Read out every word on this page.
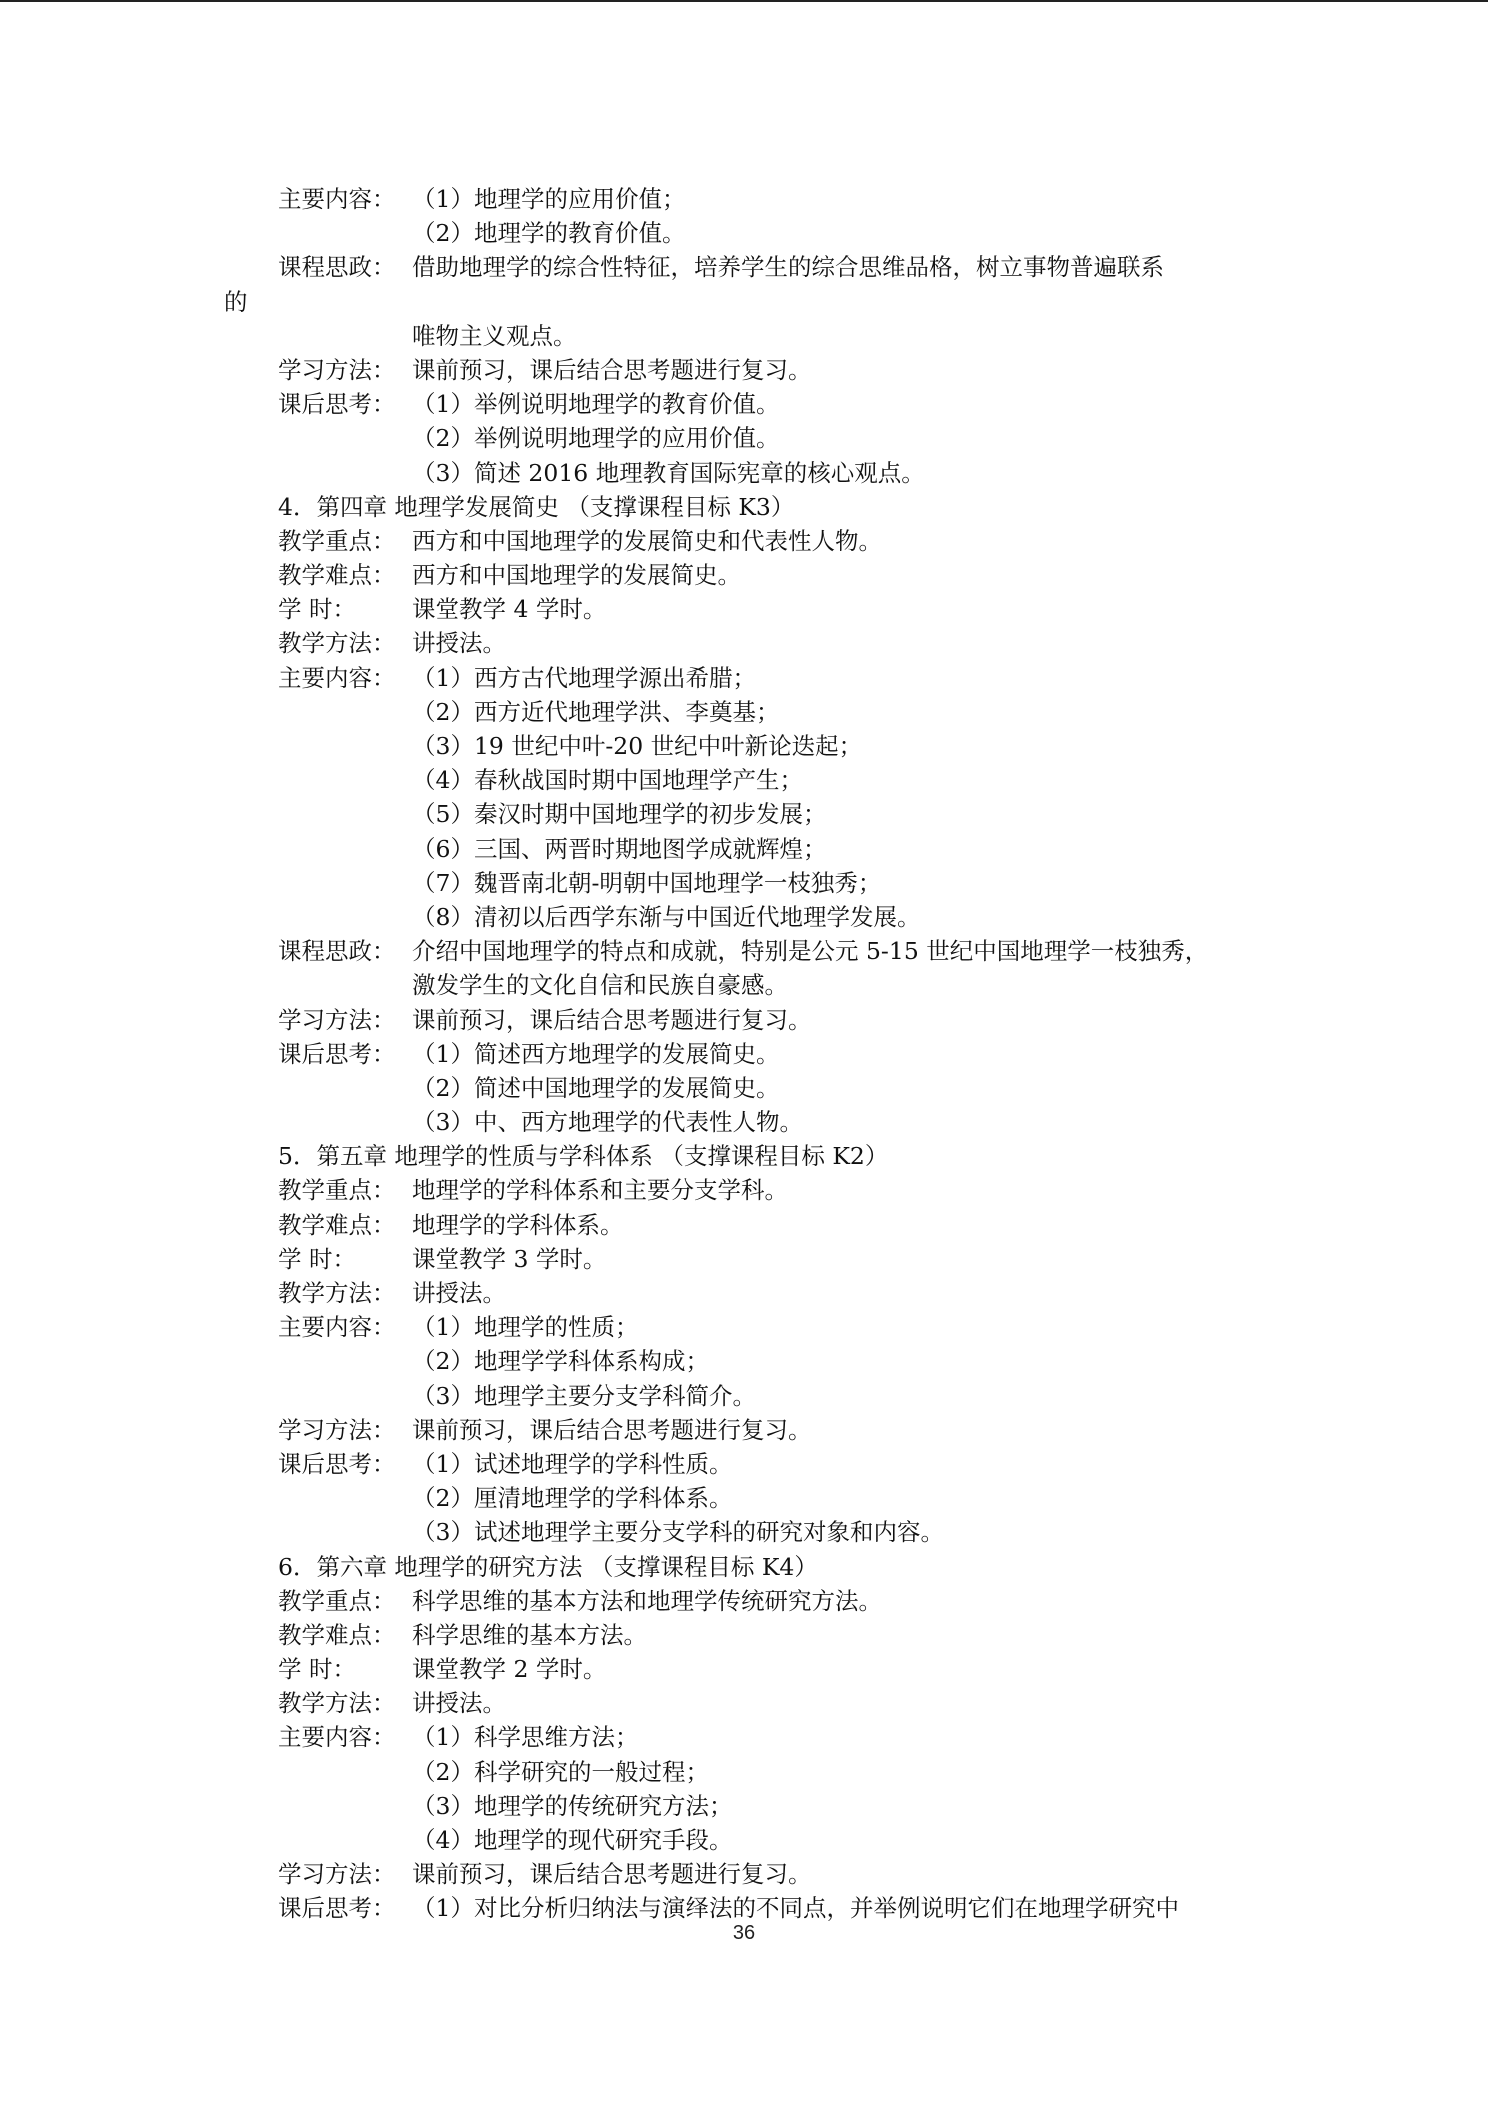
主要内容： （1）地理学的应用价值；
（2）地理学的教育价值。
课程思政： 借助地理学的综合性特征，培养学生的综合思维品格，树立事物普遍联系
的
唯物主义观点。
学习方法： 课前预习，课后结合思考题进行复习。
课后思考： （1）举例说明地理学的教育价值。
（2）举例说明地理学的应用价值。
（3）简述 2016 地理教育国际宪章的核心观点。
4．第四章 地理学发展简史 （支撑课程目标 K3）
教学重点： 西方和中国地理学的发展简史和代表性人物。
教学难点： 西方和中国地理学的发展简史。
学 时： 课堂教学 4 学时。
教学方法： 讲授法。
主要内容： （1）西方古代地理学源出希腊；
（2）西方近代地理学洪、李奠基；
（3）19 世纪中叶-20 世纪中叶新论迭起；
（4）春秋战国时期中国地理学产生；
（5）秦汉时期中国地理学的初步发展；
（6）三国、两晋时期地图学成就辉煌；
（7）魏晋南北朝-明朝中国地理学一枝独秀；
（8）清初以后西学东渐与中国近代地理学发展。
课程思政： 介绍中国地理学的特点和成就，特别是公元 5-15 世纪中国地理学一枝独秀，
激发学生的文化自信和民族自豪感。
学习方法： 课前预习，课后结合思考题进行复习。
课后思考： （1）简述西方地理学的发展简史。
（2）简述中国地理学的发展简史。
（3）中、西方地理学的代表性人物。
5．第五章 地理学的性质与学科体系 （支撑课程目标 K2）
教学重点： 地理学的学科体系和主要分支学科。
教学难点： 地理学的学科体系。
学 时： 课堂教学 3 学时。
教学方法： 讲授法。
主要内容： （1）地理学的性质；
（2）地理学学科体系构成；
（3）地理学主要分支学科简介。
学习方法： 课前预习，课后结合思考题进行复习。
课后思考： （1）试述地理学的学科性质。
（2）厘清地理学的学科体系。
（3）试述地理学主要分支学科的研究对象和内容。
6．第六章 地理学的研究方法 （支撑课程目标 K4）
教学重点： 科学思维的基本方法和地理学传统研究方法。
教学难点： 科学思维的基本方法。
学 时： 课堂教学 2 学时。
教学方法： 讲授法。
主要内容： （1）科学思维方法；
（2）科学研究的一般过程；
（3）地理学的传统研究方法；
（4）地理学的现代研究手段。
学习方法： 课前预习，课后结合思考题进行复习。
课后思考： （1）对比分析归纳法与演绎法的不同点，并举例说明它们在地理学研究中
36
